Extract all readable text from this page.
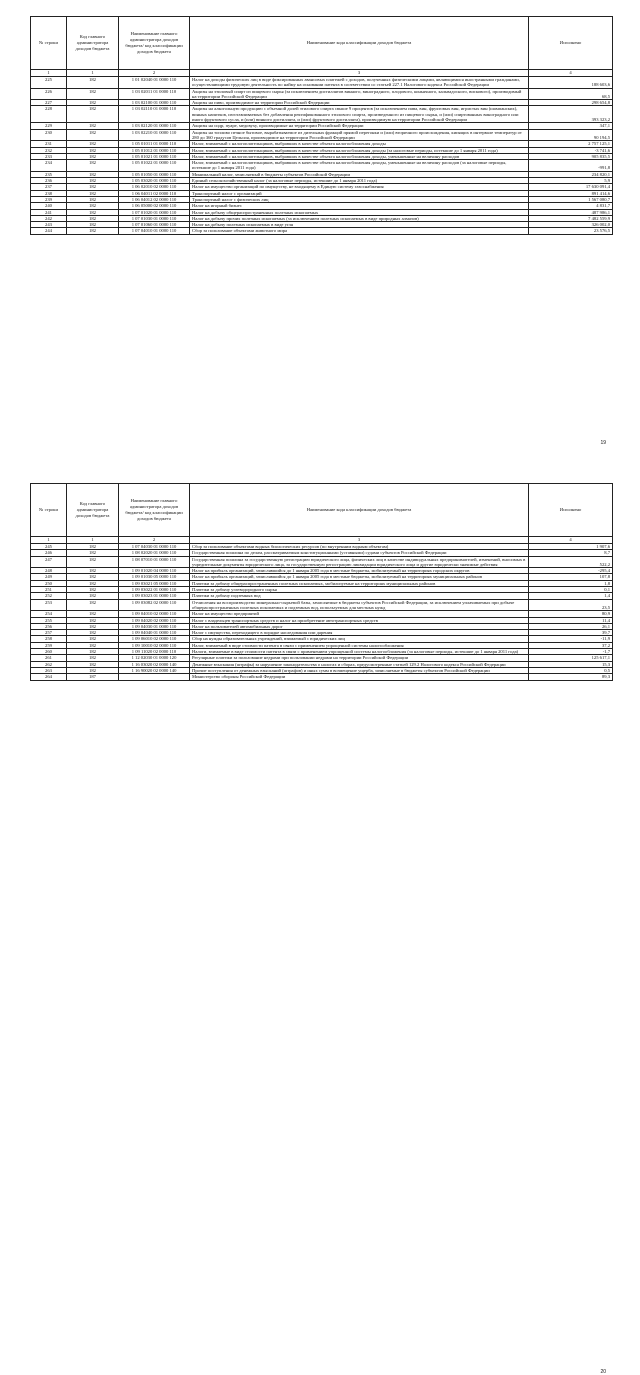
№ строки	Код главного администратора доходов бюджета	Наименование главного администратора доходов бюджета/ код классификации доходов бюджета	Наименование кода классификации доходов бюджета	Исполнено
1	1	2	3	4
225	182	1 01 02040 01 0000 110	Налог на доходы физических лиц в виде фиксированных авансовых платежей с доходов, полученных физическими лицами, являющимися иностранными гражданами, осуществляющими трудовую деятельность по найму на основании патента в соответствии со статьей 227.1 Налогового кодекса Российской Федерации	188 603,6
226	182	1 03 02011 01 0000 110	Акцизы на этиловый спирт из пищевого сырья (за исключением дистиллятов винного, виноградного, плодового, коньячного, кальвадосного, вискового), производимый на территории Российской Федерации	68,5
227	182	1 03 02100 01 0000 110	Акцизы на пиво, производимое на территории Российской Федерации	298 654,8
228	182	1 03 02110 01 0000 110	Акцизы на алкогольную продукцию с объемной долей этилового спирта свыше 9 процентов (за исключением пива, вин, фруктовых вин, игристых вин (шампанских), винных напитков, изготавливаемых без добавления ректификованного этилового спирта, произведенного из пищевого сырья, и (или) спиртованных виноградного или иного фруктового сусла, и (или) винного дистиллята, и (или) фруктового дистиллята), производимую на территории Российской Федерации	393 323,2
229	182	1 03 02120 01 0000 110	Акцизы на сидр, пуаре, медовуху, производимые на территории Российской Федерации	347,1
230	182	1 03 02210 01 0000 110	Акцизы на топливо печное бытовое, вырабатываемое из дизельных фракций прямой перегонки и (или) вторичного происхождения, кипящих в интервале температур от 280 до 360 градусов Цельсия, производимое на территории Российской Федерации	90 194,5
231	182	1 05 01011 01 0000 110	Налог, взимаемый с налогоплательщиков, выбравших в качестве объекта налогообложения доходы	2 757 125,1
232	182	1 05 01012 01 0000 110	Налог, взимаемый с налогоплательщиков, выбравших в качестве объекта налогообложения доходы (за налоговые периоды, истекшие до 1 января 2011 года)	-3 741,6
233	182	1 05 01021 01 0000 110	Налог, взимаемый с налогоплательщиков, выбравших в качестве объекта налогообложения доходы, уменьшенные на величину расходов	905 835,5
234	182	1 05 01022 01 0000 110	Налог, взимаемый с налогоплательщиков, выбравших в качестве объекта налогообложения доходы, уменьшенные на величину расходов (за налоговые периоды, истекшие до 1 января 2011 года)	-991,8
235	182	1 05 01050 01 0000 110	Минимальный налог, зачисляемый в бюджеты субъектов Российской Федерации	234 820,1
236	182	1 05 03020 01 0000 110	Единый сельскохозяйственный налог (за налоговые периоды, истекшие до 1 января 2011 года)	5,9
237	182	1 06 02010 02 0000 110	Налог на имущество организаций по имуществу, не входящему в Единую систему газоснабжения	17 630 091,4
238	182	1 06 04011 02 0000 110	Транспортный налог с организаций	891 414,6
239	182	1 06 04012 02 0000 110	Транспортный налог с физических лиц	1 567 080,7
240	182	1 06 05000 02 0000 110	Налог на игорный бизнес	4 831,7
241	182	1 07 01020 01 0000 110	Налог на добычу общераспространенных полезных ископаемых	487 986,1
242	182	1 07 01030 01 0000 110	Налог на добычу прочих полезных ископаемых (за исключением полезных ископаемых в виде природных алмазов)	7 482 559,9
243	182	1 07 01060 01 0000 110	Налог на добычу полезных ископаемых в виде угля	326 002,0
244	182	1 07 04010 01 0000 110	Сбор за пользование объектами животного мира	23 576,5
19
№ строки	Код главного администратора доходов бюджета	Наименование главного администратора доходов бюджета/ код классификации доходов бюджета	Наименование кода классификации доходов бюджета	Исполнено
1	1	2	3	4
245	182	1 07 04030 01 0000 110	Сбор за пользование объектами водных биологических ресурсов (по внутренним водным объектам)	1 907,6
246	182	1 08 02020 01 0000 110	Государственная пошлина по делам, рассматриваемым конституционными (уставными) судами субъектов Российской Федерации	8,7
247	182	1 08 07010 01 0000 110	Государственная пошлина за государственную регистрацию юридического лица, физических лиц в качестве индивидуальных предпринимателей, изменений, вносимых в учредительные документы юридического лица, за государственную регистрацию ликвидации юридического лица и другие юридически значимые действия	522,2
248	182	1 09 01020 04 0000 110	Налог на прибыль организаций, зачислявшийся до 1 января 2005 года в местные бюджеты, мобилизуемый на территориях городских округов	-295,4
249	182	1 09 01030 05 0000 110	Налог на прибыль организаций, зачислявшийся до 1 января 2005 года в местные бюджеты, мобилизуемый на территориях муниципальных районов	107,8
250	182	1 09 03021 05 0000 110	Платежи за добычу общераспространенных полезных ископаемых, мобилизуемые на территориях муниципальных районов	1,8
251	182	1 09 03022 01 0000 110	Платежи за добычу углеводородного сырья	0,1
252	182	1 09 03023 01 0000 110	Платежи за добычу подземных вод	1,4
253	182	1 09 03082 02 0000 110	Отчисления на воспроизводство минерально-сырьевой базы, зачисляемые в бюджеты субъектов Российской Федерации, за исключением уплачиваемых при добыче общераспространенных полезных ископаемых и подземных вод, используемых для местных нужд	23,5
254	182	1 09 04010 02 0000 110	Налог на имущество предприятий	80,9
255	182	1 09 04020 02 0000 110	Налог с владельцев транспортных средств и налог на приобретение автотранспортных средств	11,4
256	182	1 09 04030 01 0000 110	Налог на пользователей автомобильных дорог	26,1
257	182	1 09 04040 01 0000 110	Налог с имущества, переходящего в порядке наследования или дарения	39,7
258	182	1 09 06010 02 0000 110	Сбор на нужды образовательных учреждений, взимаемый с юридических лиц	-11,9
259	182	1 09 10010 02 0000 110	Налог, взимаемый в виде стоимости патента в связи с применением упрощенной системы налогообложения	37,2
260	182	1 09 11020 02 0000 110	Налоги, взимаемые в виде стоимости патента в связи с применением упрощенной системы налогообложения (за налоговые периоды, истекшие до 1 января 2011 года)	-1,7
261	182	1 12 02030 01 0000 120	Регулярные платежи за пользование недрами при пользовании недрами на территории Российской Федерации	125 617,1
262	182	1 16 03020 02 0000 140	Денежные взыскания (штрафы) за нарушение законодательства о налогах и сборах, предусмотренные статьей 129.2 Налогового кодекса Российской Федерации	15,3
263	182	1 16 90020 02 0000 140	Прочие поступления от денежных взысканий (штрафов) и иных сумм в возмещение ущерба, зачисляемые в бюджеты субъектов Российской Федерации	0,5
264	187		Министерство обороны Российской Федерации	89,3
20
